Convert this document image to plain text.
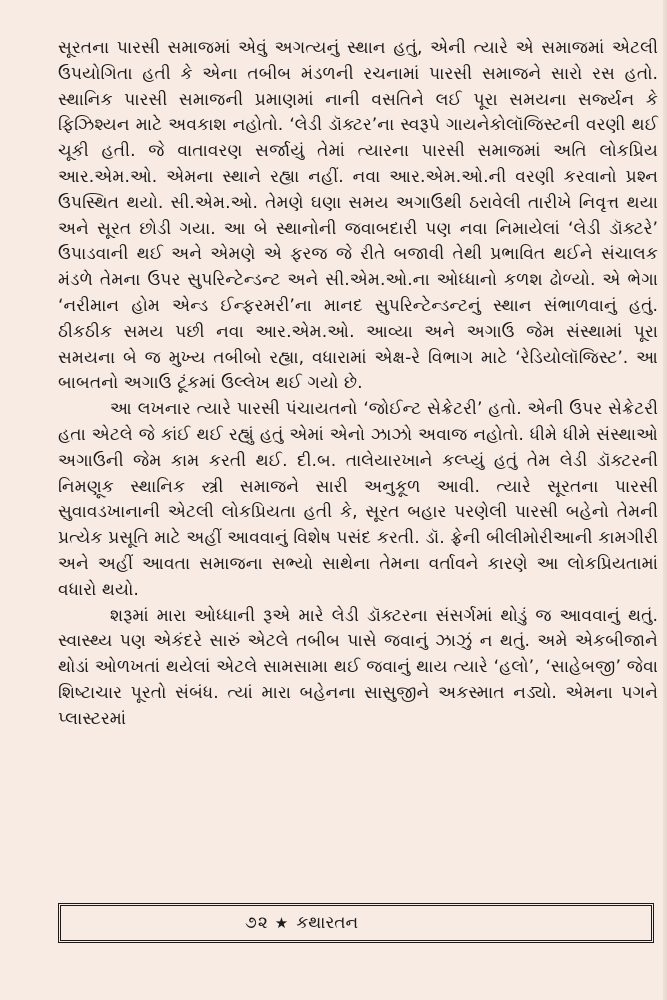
સૂરતના પારસી સમાજમાં એવું અગત્યનું સ્થાન હતું, એની ત્યારે એ સમાજમાં એટલી ઉપયોગિતા હતી કે એના તબીબ મંડળની રચનામાં પારસી સમાજને સારો રસ હતો. સ્થાનિક પારસી સમાજની પ્રમાણમાં નાની વસતિને લઈ પૂરા સમયના સર્જ્યન કે ફિઝિશ્યન માટે અવકાશ નહોતો. ‘લેડી ડૉક્ટર’ના સ્વરૂપે ગાયનેકોલૉજિસ્ટની વરણી થઈ ચૂકી હતી. જે વાતાવરણ સર્જાયું તેમાં ત્યારના પારસી સમાજમાં અતિ લોકપ્રિય આર.એમ.ઓ. એમના સ્થાને રહ્યા નહીં. નવા આર.એમ.ઓ.ની વરણી કરવાનો પ્રશ્ન ઉપસ્થિત થયો. સી.એમ.ઓ. તેમણે ઘણા સમય અગાઉથી ઠરાવેલી તારીખે નિવૃત્ત થયા અને સૂરત છોડી ગયા. આ બે સ્થાનોની જવાબદારી પણ નવા નિમાયેલાં ‘લેડી ડૉક્ટરે’ ઉપાડવાની થઈ અને એમણે એ ફરજ જે રીતે બજાવી તેથી પ્રભાવિત થઈને સંચાલક મંડળે તેમના ઉપર સુપરિન્ટેન્ડન્ટ અને સી.એમ.ઓ.ના ઓધ્ધાનો કળશ ઢોળ્યો. એ ભેગા ‘નરીમાન હોમ એન્ડ ઈન્ફરમરી’ના માનદ સુપરિન્ટેન્ડન્ટનું સ્થાન સંભાળવાનું હતું. ઠીકઠીક સમય પછી નવા આર.એમ.ઓ. આવ્યા અને અગાઉ જેમ સંસ્થામાં પૂરા સમયના બે જ મુખ્ય તબીબો રહ્યા, વધારામાં એક્ષ-રે વિભાગ માટે ‘રેડિયોલૉજિસ્ટ’. આ બાબતનો અગાઉ ટૂંકમાં ઉલ્લેખ થઈ ગયો છે.

આ લખનાર ત્યારે પારસી પંચાયતનો ‘જોઈન્ટ સેક્રેટરી’ હતો. એની ઉપર સેક્રેટરી હતા એટલે જે કાંઈ થઈ રહ્યું હતું એમાં એનો ઝાઝો અવાજ નહોતો. ધીમે ધીમે સંસ્થાઓ અગાઉની જેમ કામ કરતી થઈ. દી.બ. તાલેયારખાને કલ્પ્યું હતું તેમ લેડી ડૉક્ટરની નિમણૂક સ્થાનિક સ્ત્રી સમાજને સારી અનુકૂળ આવી. ત્યારે સૂરતના પારસી સુવાવડખાનાની એટલી લોકપ્રિયતા હતી કે, સૂરત બહાર પરણેલી પારસી બહેનો તેમની પ્રત્યેક પ્રસૂતિ માટે અહીં આવવાનું વિશેષ પસંદ કરતી. ડૉ. ફ્રેની બીલીમોરીઆની કામગીરી અને અહીં આવતા સમાજના સભ્યો સાથેના તેમના વર્તાવને કારણે આ લોકપ્રિયતામાં વધારો થયો.

શરૂમાં મારા ઓધ્ધાની રૂએ મારે લેડી ડૉક્ટરના સંસર્ગમાં થોડું જ આવવાનું થતું. સ્વાસ્થ્ય પણ એકંદરે સારું એટલે તબીબ પાસે જવાનું ઝાઝું ન થતું. અમે એકબીજાને થોડાં ઓળખતાં થયેલાં એટલે સામસામા થઈ જવાનું થાય ત્યારે ‘હલો’, ‘સાહેબજી’ જેવા શિષ્ટાચાર પૂરતો સંબંધ. ત્યાં મારા બહેનના સાસુજીને અકસ્માત નડ્યો. એમના પગને પ્લાસ્ટરમાં

૭૨ ★ કથારતન
